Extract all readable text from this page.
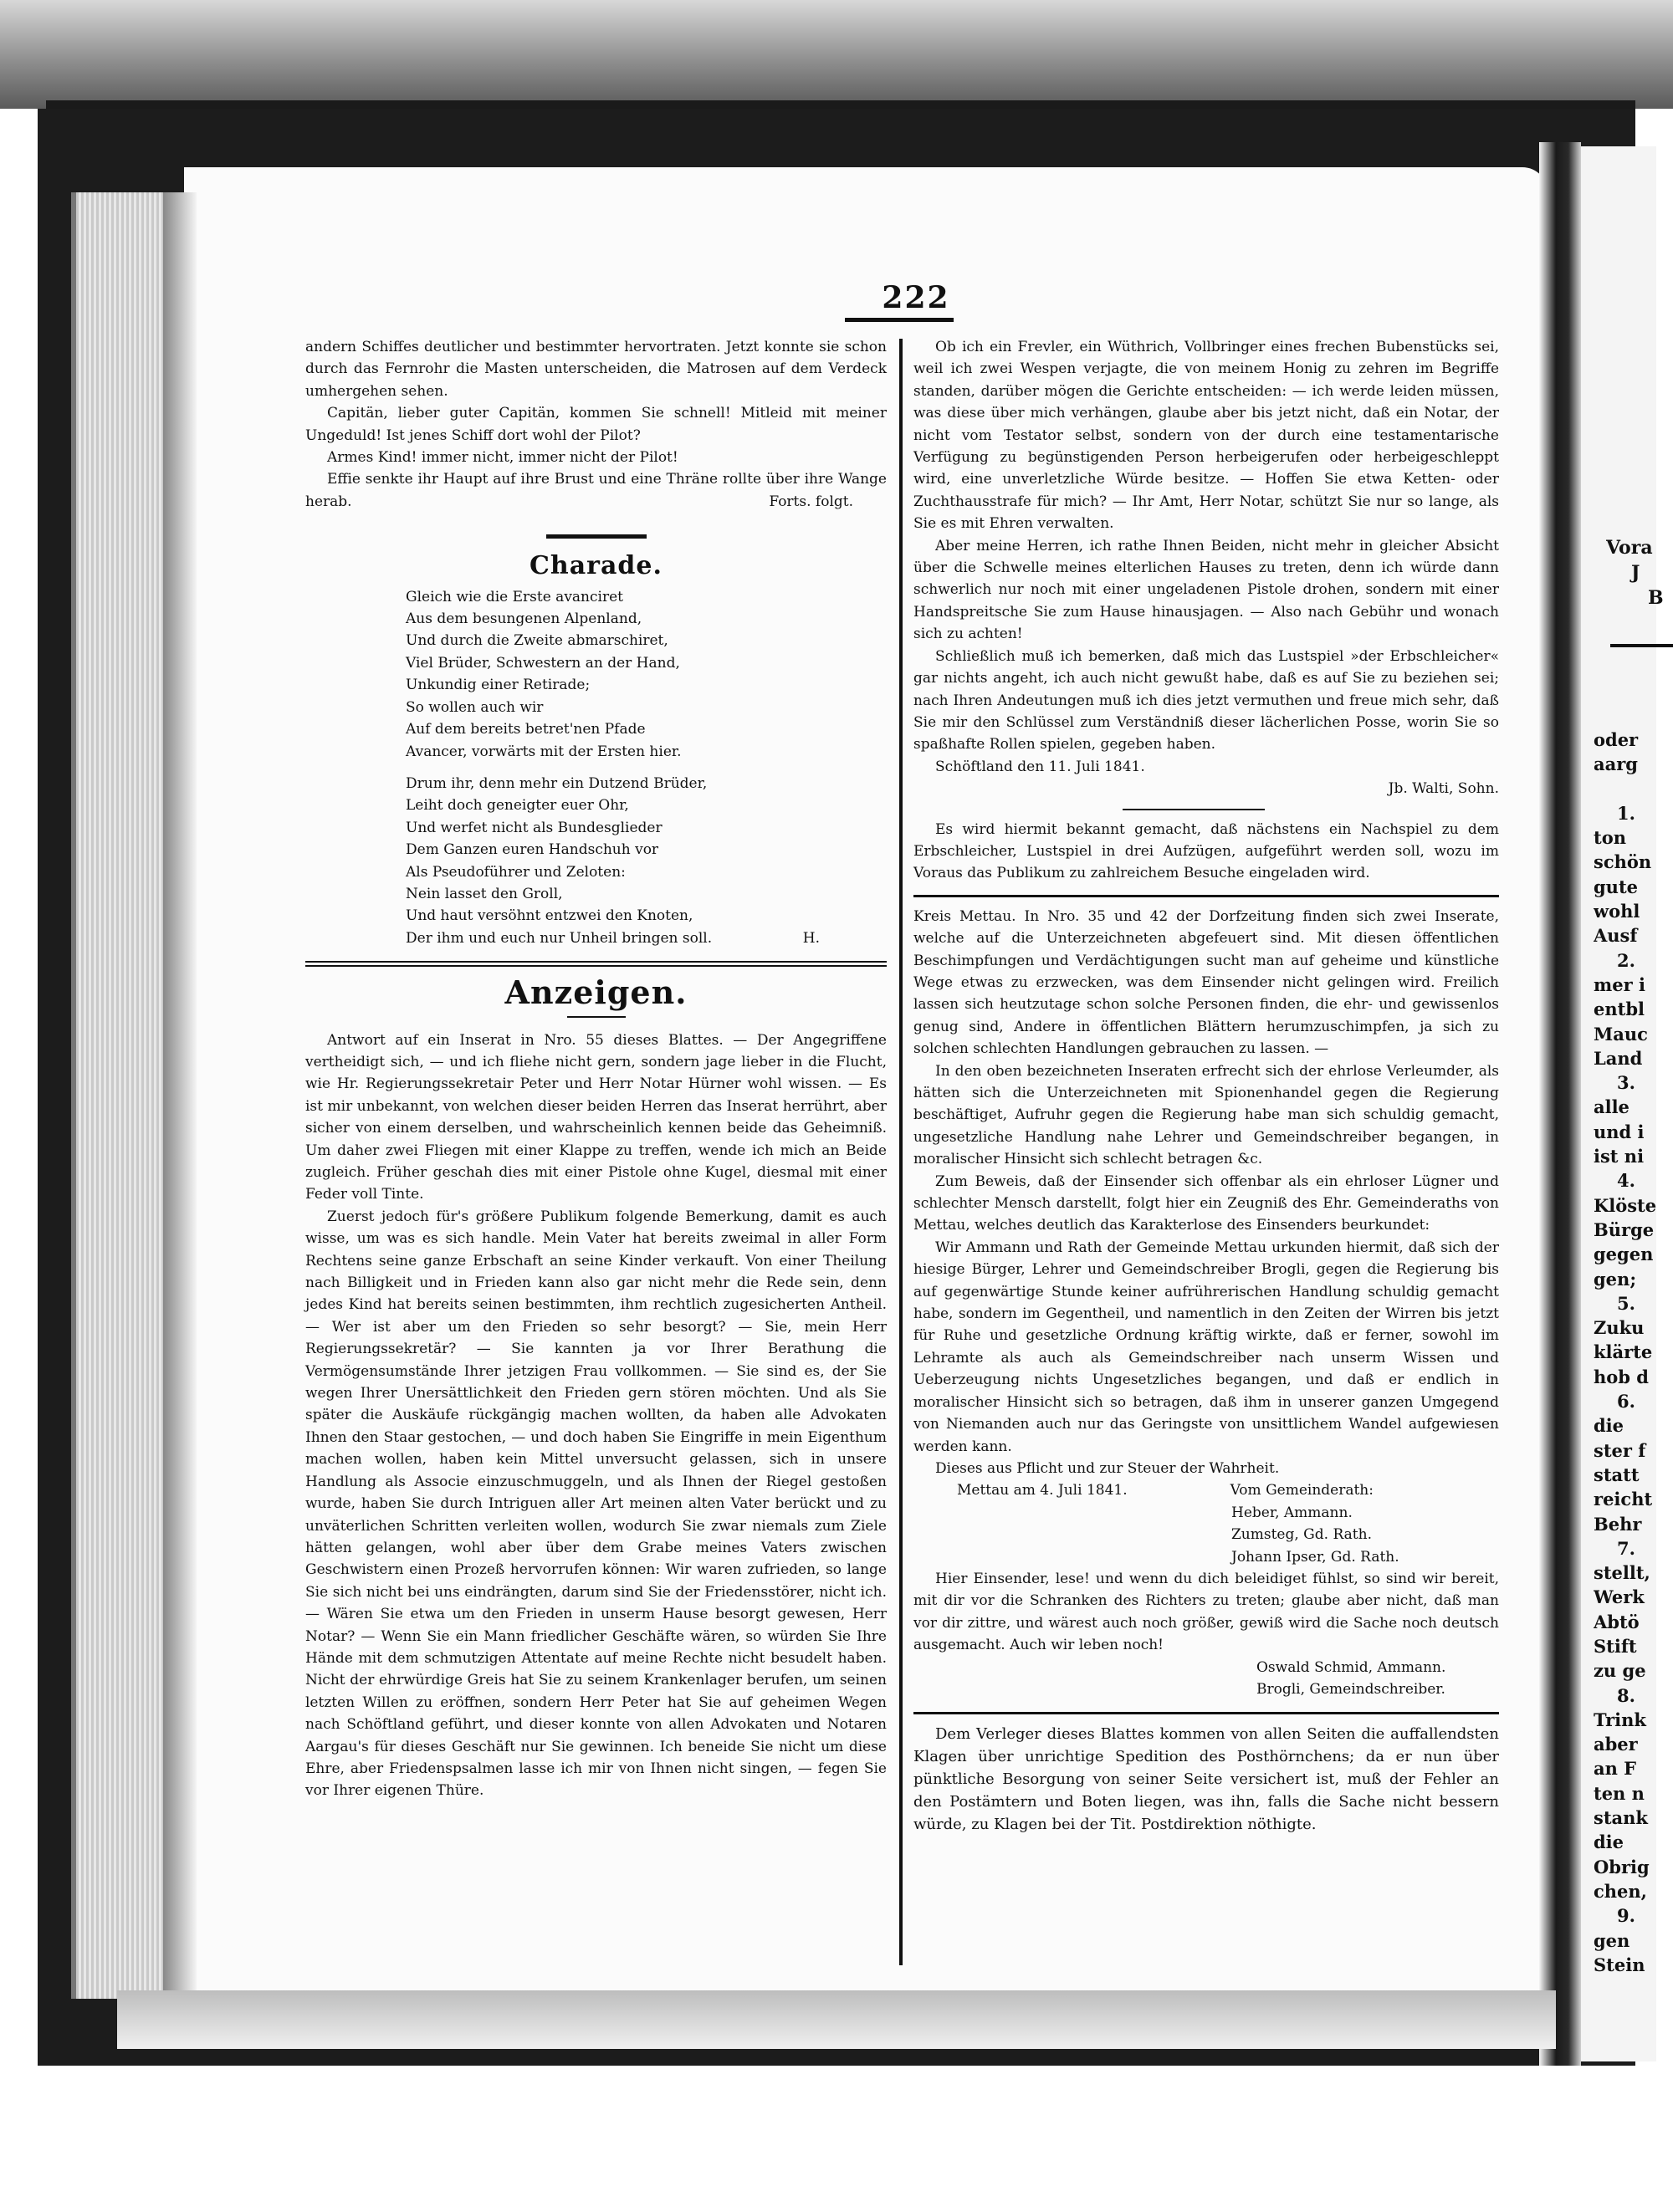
222

andern Schiffes deutlicher und bestimmter hervortraten. Jetzt konnte sie schon durch das Fernrohr die Masten unterscheiden, die Matrosen auf dem Verdeck umhergehen sehen.

Capitän, lieber guter Capitän, kommen Sie schnell! Mitleid mit meiner Ungeduld! Ist jenes Schiff dort wohl der Pilot?

Armes Kind! immer nicht, immer nicht der Pilot!

Effie senkte ihr Haupt auf ihre Brust und eine Thräne rollte über ihre Wange herab.	Forts. folgt.

Charade.
Gleich wie die Erste avanciret
Aus dem besungenen Alpenland,
Und durch die Zweite abmarschiret,
Viel Brüder, Schwestern an der Hand,
Unkundig einer Retirade;
So wollen auch wir
Auf dem bereits betret'nen Pfade
Avancer, vorwärts mit der Ersten hier.
Drum ihr, denn mehr ein Dutzend Brüder,
Leiht doch geneigter euer Ohr,
Und werfet nicht als Bundesglieder
Dem Ganzen euren Handschuh vor
Als Pseudoführer und Zeloten:
Nein lasset den Groll,
Und haut versöhnt entzwei den Knoten,
Der ihm und euch nur Unheil bringen soll.	H.
Anzeigen.

Antwort auf ein Inserat in Nro. 55 dieses Blattes. — Der Angegriffene vertheidigt sich, — und ich fliehe nicht gern, sondern jage lieber in die Flucht, wie Hr. Regierungssekretair Peter und Herr Notar Hürner wohl wissen. — Es ist mir unbekannt, von welchen dieser beiden Herren das Inserat herrührt, aber sicher von einem derselben, und wahrscheinlich kennen beide das Geheimniß. Um daher zwei Fliegen mit einer Klappe zu treffen, wende ich mich an Beide zugleich. Früher geschah dies mit einer Pistole ohne Kugel, diesmal mit einer Feder voll Tinte.

Zuerst jedoch für's größere Publikum folgende Bemerkung, damit es auch wisse, um was es sich handle. Mein Vater hat bereits zweimal in aller Form Rechtens seine ganze Erbschaft an seine Kinder verkauft. Von einer Theilung nach Billigkeit und in Frieden kann also gar nicht mehr die Rede sein, denn jedes Kind hat bereits seinen bestimmten, ihm rechtlich zugesicherten Antheil. — Wer ist aber um den Frieden so sehr besorgt? — Sie, mein Herr Regierungssekretär? — Sie kannten ja vor Ihrer Berathung die Vermögensumstände Ihrer jetzigen Frau vollkommen. — Sie sind es, der Sie wegen Ihrer Unersättlichkeit den Frieden gern stören möchten. Und als Sie später die Auskäufe rückgängig machen wollten, da haben alle Advokaten Ihnen den Staar gestochen, — und doch haben Sie Eingriffe in mein Eigenthum machen wollen, haben kein Mittel unversucht gelassen, sich in unsere Handlung als Associe einzuschmuggeln, und als Ihnen der Riegel gestoßen wurde, haben Sie durch Intriguen aller Art meinen alten Vater berückt und zu unväterlichen Schritten verleiten wollen, wodurch Sie zwar niemals zum Ziele hätten gelangen, wohl aber über dem Grabe meines Vaters zwischen Geschwistern einen Prozeß hervorrufen können: Wir waren zufrieden, so lange Sie sich nicht bei uns eindrängten, darum sind Sie der Friedensstörer, nicht ich. — Wären Sie etwa um den Frieden in unserm Hause besorgt gewesen, Herr Notar? — Wenn Sie ein Mann friedlicher Geschäfte wären, so würden Sie Ihre Hände mit dem schmutzigen Attentate auf meine Rechte nicht besudelt haben. Nicht der ehrwürdige Greis hat Sie zu seinem Krankenlager berufen, um seinen letzten Willen zu eröffnen, sondern Herr Peter hat Sie auf geheimen Wegen nach Schöftland geführt, und dieser konnte von allen Advokaten und Notaren Aargau's für dieses Geschäft nur Sie gewinnen. Ich beneide Sie nicht um diese Ehre, aber Friedenspsalmen lasse ich mir von Ihnen nicht singen, — fegen Sie vor Ihrer eigenen Thüre.

Ob ich ein Frevler, ein Wüthrich, Vollbringer eines frechen Bubenstücks sei, weil ich zwei Wespen verjagte, die von meinem Honig zu zehren im Begriffe standen, darüber mögen die Gerichte entscheiden: — ich werde leiden müssen, was diese über mich verhängen, glaube aber bis jetzt nicht, daß ein Notar, der nicht vom Testator selbst, sondern von der durch eine testamentarische Verfügung zu begünstigenden Person herbeigerufen oder herbeigeschleppt wird, eine unverletzliche Würde besitze. — Hoffen Sie etwa Ketten- oder Zuchthausstrafe für mich? — Ihr Amt, Herr Notar, schützt Sie nur so lange, als Sie es mit Ehren verwalten.

Aber meine Herren, ich rathe Ihnen Beiden, nicht mehr in gleicher Absicht über die Schwelle meines elterlichen Hauses zu treten, denn ich würde dann schwerlich nur noch mit einer ungeladenen Pistole drohen, sondern mit einer Handspreitsche Sie zum Hause hinausjagen. — Also nach Gebühr und wonach sich zu achten!

Schließlich muß ich bemerken, daß mich das Lustspiel »der Erbschleicher« gar nichts angeht, ich auch nicht gewußt habe, daß es auf Sie zu beziehen sei; nach Ihren Andeutungen muß ich dies jetzt vermuthen und freue mich sehr, daß Sie mir den Schlüssel zum Verständniß dieser lächerlichen Posse, worin Sie so spaßhafte Rollen spielen, gegeben haben.

Schöftland den 11. Juli 1841.

Jb. Walti, Sohn.

Es wird hiermit bekannt gemacht, daß nächstens ein Nachspiel zu dem Erbschleicher, Lustspiel in drei Aufzügen, aufgeführt werden soll, wozu im Voraus das Publikum zu zahlreichem Besuche eingeladen wird.

Kreis Mettau. In Nro. 35 und 42 der Dorfzeitung finden sich zwei Inserate, welche auf die Unterzeichneten abgefeuert sind. Mit diesen öffentlichen Beschimpfungen und Verdächtigungen sucht man auf geheime und künstliche Wege etwas zu erzwecken, was dem Einsender nicht gelingen wird. Freilich lassen sich heutzutage schon solche Personen finden, die ehr- und gewissenlos genug sind, Andere in öffentlichen Blättern herumzuschimpfen, ja sich zu solchen schlechten Handlungen gebrauchen zu lassen. —

In den oben bezeichneten Inseraten erfrecht sich der ehrlose Verleumder, als hätten sich die Unterzeichneten mit Spionenhandel gegen die Regierung beschäftiget, Aufruhr gegen die Regierung habe man sich schuldig gemacht, ungesetzliche Handlung nahe Lehrer und Gemeindschreiber begangen, in moralischer Hinsicht sich schlecht betragen &c.

Zum Beweis, daß der Einsender sich offenbar als ein ehrloser Lügner und schlechter Mensch darstellt, folgt hier ein Zeugniß des Ehr. Gemeinderaths von Mettau, welches deutlich das Karakterlose des Einsenders beurkundet:

Wir Ammann und Rath der Gemeinde Mettau urkunden hiermit, daß sich der hiesige Bürger, Lehrer und Gemeindschreiber Brogli, gegen die Regierung bis auf gegenwärtige Stunde keiner aufrührerischen Handlung schuldig gemacht habe, sondern im Gegentheil, und namentlich in den Zeiten der Wirren bis jetzt für Ruhe und gesetzliche Ordnung kräftig wirkte, daß er ferner, sowohl im Lehramte als auch als Gemeindschreiber nach unserm Wissen und Ueberzeugung nichts Ungesetzliches begangen, und daß er endlich in moralischer Hinsicht sich so betragen, daß ihm in unserer ganzen Umgegend von Niemanden auch nur das Geringste von unsittlichem Wandel aufgewiesen werden kann.

Dieses aus Pflicht und zur Steuer der Wahrheit.

Mettau am 4. Juli 1841.	Vom Gemeinderath:
Heber, Ammann.
Zumsteg, Gd. Rath.
Johann Ipser, Gd. Rath.

Hier Einsender, lese! und wenn du dich beleidiget fühlst, so sind wir bereit, mit dir vor die Schranken des Richters zu treten; glaube aber nicht, daß man vor dir zittre, und wärest auch noch größer, gewiß wird die Sache noch deutsch ausgemacht. Auch wir leben noch!

Oswald Schmid, Ammann.
Brogli, Gemeindschreiber.

Dem Verleger dieses Blattes kommen von allen Seiten die auffallendsten Klagen über unrichtige Spedition des Posthörnchens; da er nun über pünktliche Besorgung von seiner Seite versichert ist, muß der Fehler an den Postämtern und Boten liegen, was ihn, falls die Sache nicht bessern würde, zu Klagen bei der Tit. Postdirektion nöthigte.

Vora
J
B
oder
aarg
1.
ton
schön
gute
wohl
Ausf
2.
mer i
entbl
Mauc
Land
3.
alle
und i
ist ni
4.
Klöste
Bürge
gegen
gen;
5.
Zuku
klärte
hob d
6.
die
ster f
statt
reicht
Behr
7.
stellt,
Werk
Abtö
Stift
zu ge
8.
Trink
aber
an F
ten n
stank
die
Obrig
chen,
9.
gen
Stein
